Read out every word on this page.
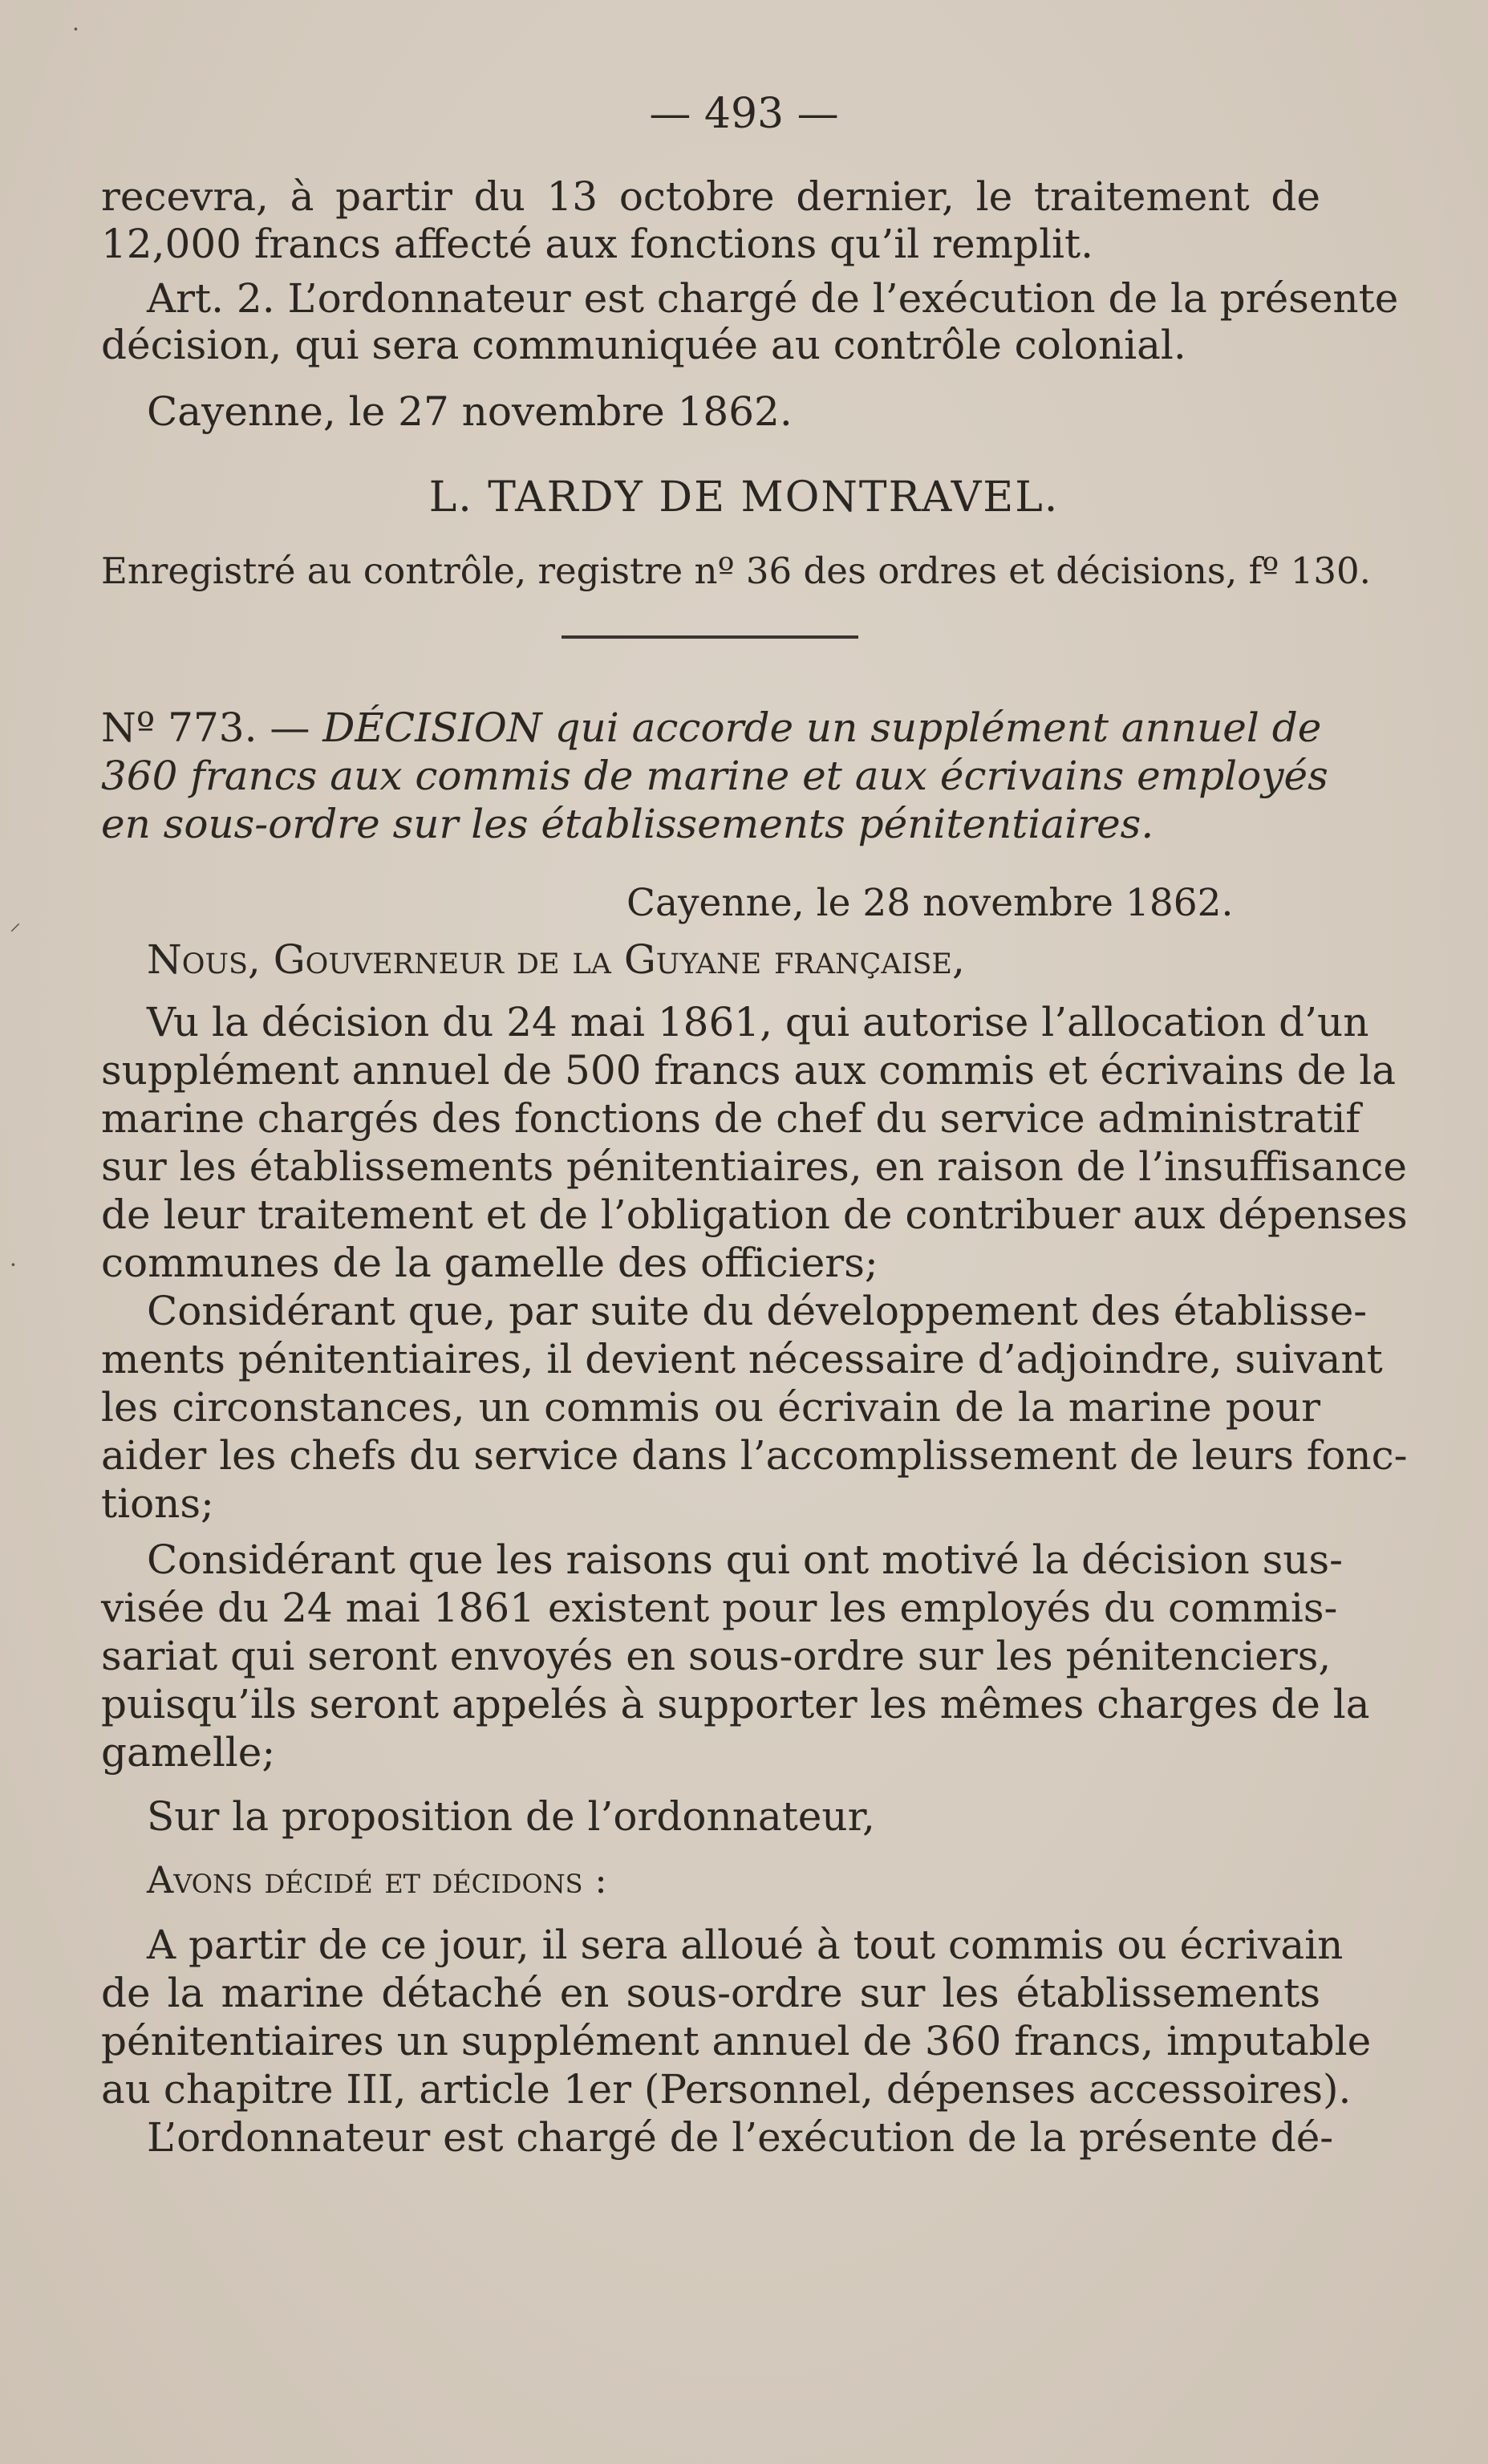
— 493 —
recevra, à partir du 13 octobre dernier, le traitement de
12,000 francs affecté aux fonctions qu’il remplit.
Art. 2. L’ordonnateur est chargé de l’exécution de la présente
décision, qui sera communiquée au contrôle colonial.
Cayenne, le 27 novembre 1862.
L. TARDY DE MONTRAVEL.
Enregistré au contrôle, registre nº 36 des ordres et décisions, fº 130.
Nº 773. — DÉCISION qui accorde un supplément annuel de
360 francs aux commis de marine et aux écrivains employés
en sous-ordre sur les établissements pénitentiaires.
Cayenne, le 28 novembre 1862.
Nous, Gouverneur de la Guyane française,
Vu la décision du 24 mai 1861, qui autorise l’allocation d’un
supplément annuel de 500 francs aux commis et écrivains de la
marine chargés des fonctions de chef du service administratif
sur les établissements pénitentiaires, en raison de l’insuffisance
de leur traitement et de l’obligation de contribuer aux dépenses
communes de la gamelle des officiers;
Considérant que, par suite du développement des établisse-
ments pénitentiaires, il devient nécessaire d’adjoindre, suivant
les circonstances, un commis ou écrivain de la marine pour
aider les chefs du service dans l’accomplissement de leurs fonc-
tions;
Considérant que les raisons qui ont motivé la décision sus-
visée du 24 mai 1861 existent pour les employés du commis-
sariat qui seront envoyés en sous-ordre sur les pénitenciers,
puisqu’ils seront appelés à supporter les mêmes charges de la
gamelle;
Sur la proposition de l’ordonnateur,
Avons décidé et décidons :
A partir de ce jour, il sera alloué à tout commis ou écrivain
de la marine détaché en sous-ordre sur les établissements
pénitentiaires un supplément annuel de 360 francs, imputable
au chapitre III, article 1er (Personnel, dépenses accessoires).
L’ordonnateur est chargé de l’exécution de la présente dé-
·
⸝
·
